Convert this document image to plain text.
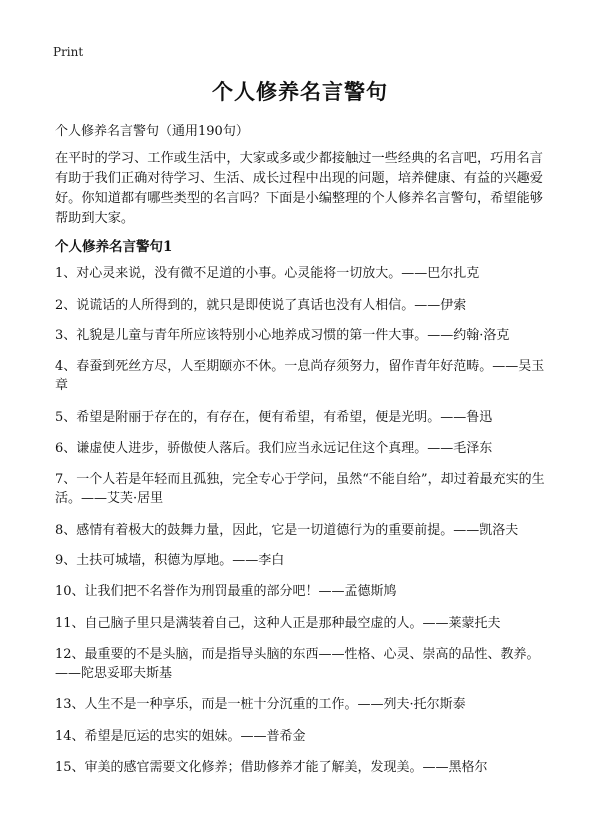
Print
个人修养名言警句
个人修养名言警句（通用190句）

在平时的学习、工作或生活中，大家或多或少都接触过一些经典的名言吧，巧用名言有助于我们正确对待学习、生活、成长过程中出现的问题，培养健康、有益的兴趣爱好。你知道都有哪些类型的名言吗？下面是小编整理的个人修养名言警句，希望能够帮助到大家。

个人修养名言警句1
1、对心灵来说，没有微不足道的小事。心灵能将一切放大。——巴尔扎克
2、说谎话的人所得到的，就只是即使说了真话也没有人相信。——伊索
3、礼貌是儿童与青年所应该特别小心地养成习惯的第一件大事。——约翰·洛克
4、春蚕到死丝方尽，人至期颐亦不休。一息尚存须努力，留作青年好范畴。——吴玉章
5、希望是附丽于存在的，有存在，便有希望，有希望，便是光明。——鲁迅
6、谦虚使人进步，骄傲使人落后。我们应当永远记住这个真理。——毛泽东
7、一个人若是年轻而且孤独，完全专心于学问，虽然“不能自给”，却过着最充实的生活。——艾芙·居里
8、感情有着极大的鼓舞力量，因此，它是一切道德行为的重要前提。——凯洛夫
9、土扶可城墙，积德为厚地。——李白
10、让我们把不名誉作为刑罚最重的部分吧！——孟德斯鸠
11、自己脑子里只是满装着自己，这种人正是那种最空虚的人。——莱蒙托夫
12、最重要的不是头脑，而是指导头脑的东西——性格、心灵、崇高的品性、教养。——陀思妥耶夫斯基
13、人生不是一种享乐，而是一桩十分沉重的工作。——列夫·托尔斯泰
14、希望是厄运的忠实的姐妹。——普希金
15、审美的感官需要文化修养；借助修养才能了解美，发现美。——黑格尔
